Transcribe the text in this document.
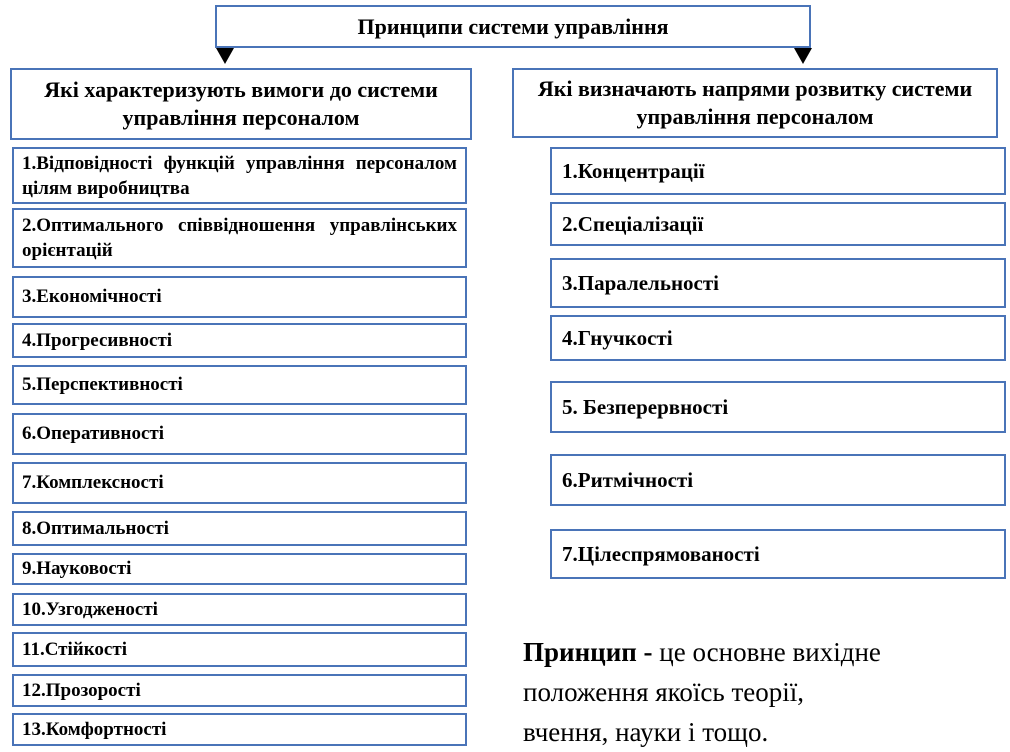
Принципи системи управління
Які характеризують вимоги до системи управління персоналом
Які визначають напрями розвитку системи управління персоналом
1.Відповідності функцій управління персоналом цілям виробництва
2.Оптимального співвідношення управлінських орієнтацій
3.Економічності
4.Прогресивності
5.Перспективності
6.Оперативності
7.Комплексності
8.Оптимальності
9.Науковості
10.Узгодженості
11.Стійкості
12.Прозорості
13.Комфортності
1.Концентрації
2.Спеціалізації
3.Паралельності
4.Гнучкості
5. Безперервності
6.Ритмічності
7.Цілеспрямованості
Принцип - це основне вихідне
положення якоїсь теорії,
вчення, науки і тощо.
